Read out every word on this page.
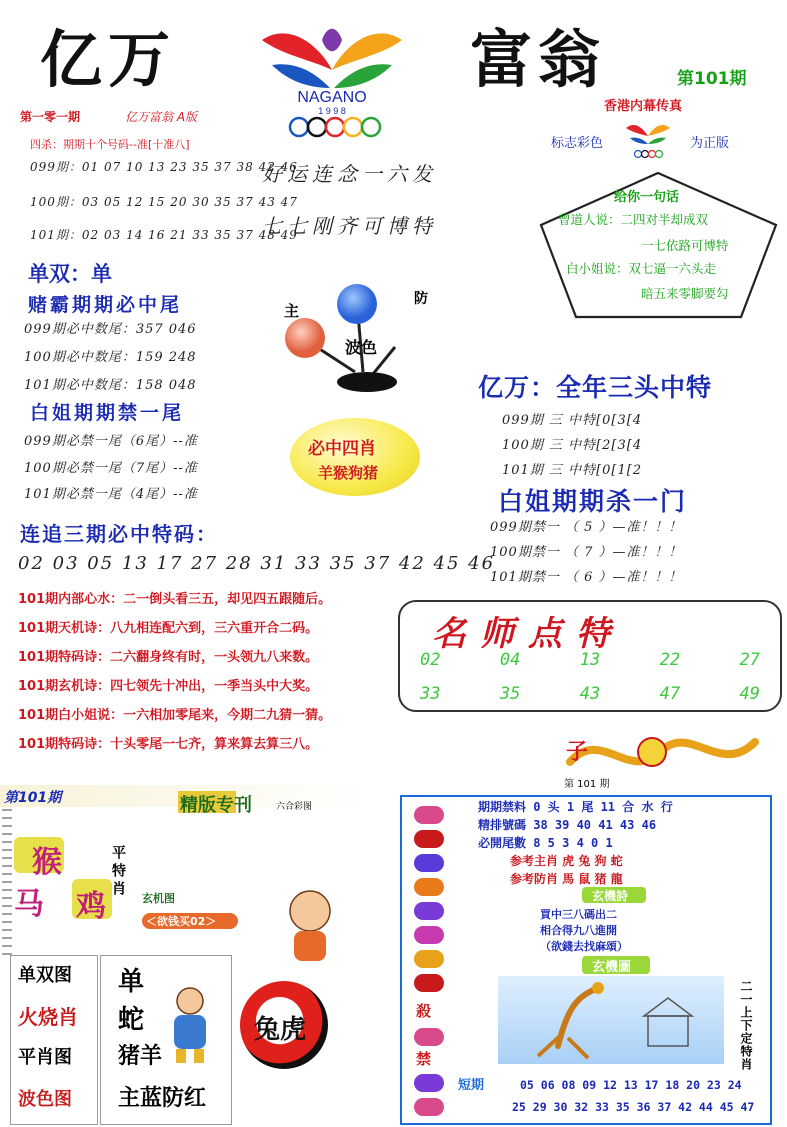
亿万	富翁
NAGANO
1 9 9 8
第101期
香港内幕传真
标志彩色	为正版
第一零一期	亿万富翁 A版
四杀：期期十个号码--准[十准八]
099期：01 07 10 13 23 35 37 38 42 46
100期：03 05 12 15 20 30 35 37 43 47
101期：02 03 14 16 21 33 35 37 48 49
好运连念一六发
七七刚齐可博特
给你一句话
曾道人说：二四对半却成双
一七依路可博特
白小姐说：双七逼一六头走
暗五来零脚要勾
单双：单
赌霸期期必中尾
099期必中数尾：357 046
100期必中数尾：159 248
101期必中数尾：158 048
主
防
波色
白姐期期禁一尾
099期必禁一尾（6尾）--准
100期必禁一尾（7尾）--准
101期必禁一尾（4尾）--准
必中四肖
羊猴狗猪
亿万：全年三头中特
099期 三 中特[0[3[4
100期 三 中特[2[3[4
101期 三 中特[0[1[2
白姐期期杀一门
099期禁一 （ 5 ）—准！！！
100期禁一 （ 7 ）—准！！！
101期禁一 （ 6 ）—准！！！
连追三期必中特码：
02 03 05 13 17 27 28 31 33 35 37 42 45 46
101期内部心水：二一倒头看三五，却见四五跟随后。
101期天机诗：八九相连配六到，三六重开合二码。
101期特码诗：二六翻身终有时，一头领九八来数。
101期玄机诗：四七领先十冲出，一季当头中大奖。
101期白小姐说：一六相加零尾来，今期二九猜一猜。
101期特码诗：十头零尾一七齐，算来算去算三八。
名师点特
02	04	13	22	27
33	35	43	47	49
第101期	精版专刊	六合彩图
猴
马 鸡
平特肖 玄机图
＜欲钱买02＞
单双图
火烧肖
平肖图
波色图
单
蛇
猪羊
主蓝防红
兔虎
子
第 101 期
殺
禁
期期禁料 0 头 1 尾 11 合 水 行
精排號碼 38 39 40 41 43 46
必開尾數 8 5 3 4 0 1
参考主肖 虎 兔 狗 蛇
参考防肖 馬 鼠 猪 龍
玄機詩
買中三八碼出二
相合得九八進開
（欲錢去找麻頌）
玄機圖
二一上下定特肖
短期	05 06 08 09 12 13 17 18 20 23 24
25 29 30 32 33 35 36 37 42 44 45 47
